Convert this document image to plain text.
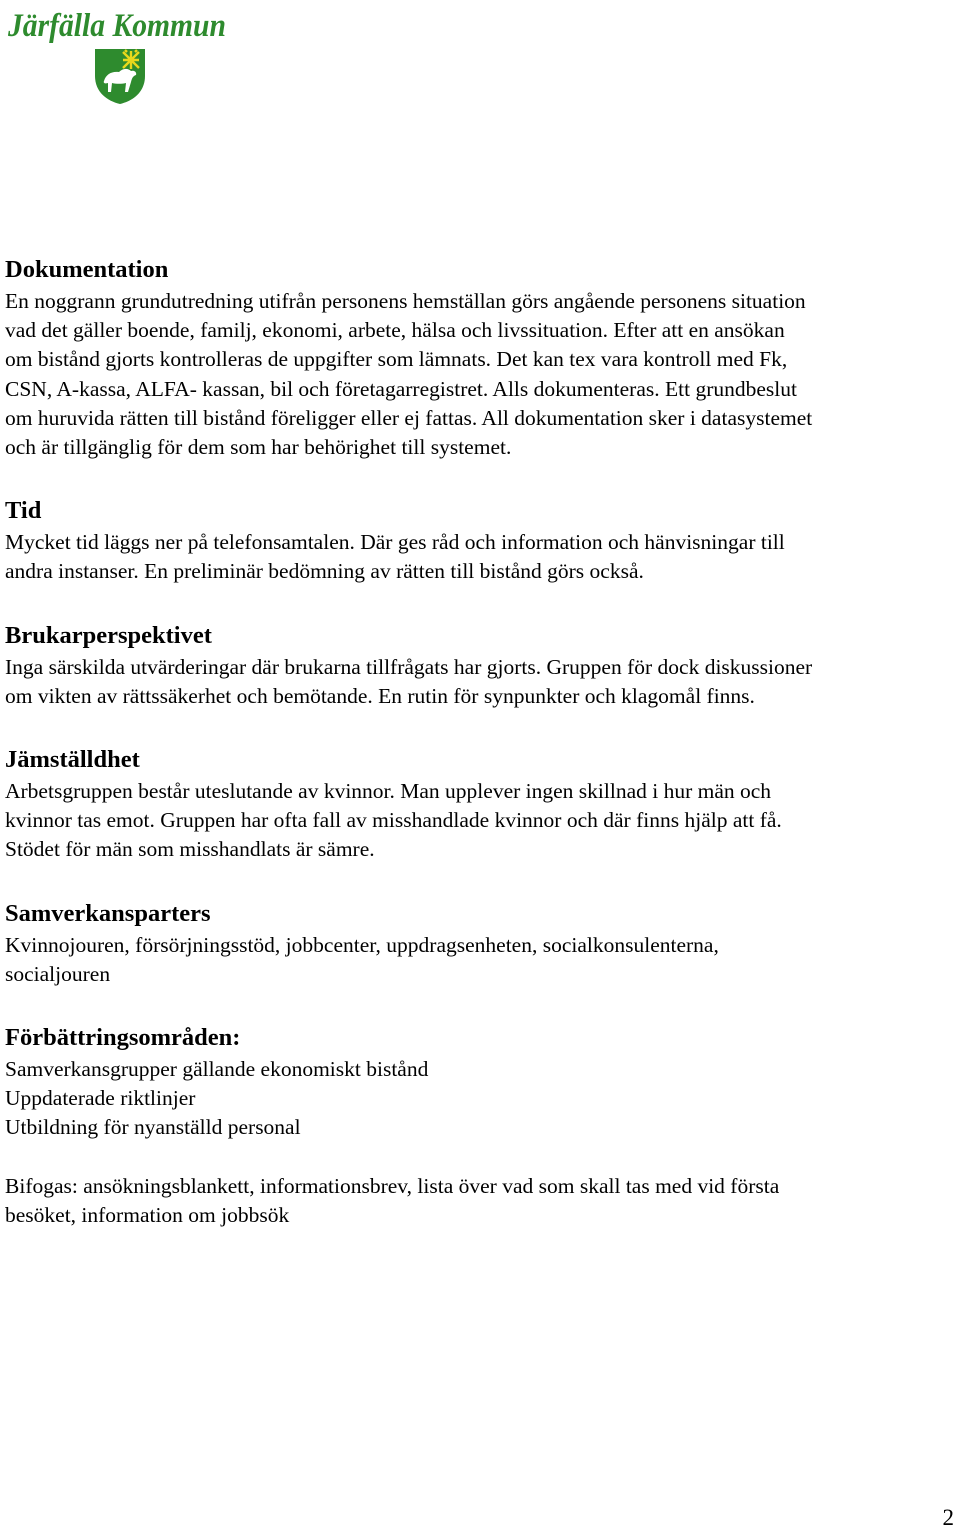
Järfälla Kommun
Dokumentation

En noggrann grundutredning utifrån personens hemställan görs angående personens situation
vad det gäller boende, familj, ekonomi, arbete, hälsa och livssituation. Efter att en ansökan
om bistånd gjorts kontrolleras de uppgifter som lämnats. Det kan tex vara kontroll med Fk,
CSN, A-kassa, ALFA- kassan, bil och företagarregistret. Alls dokumenteras. Ett grundbeslut
om huruvida rätten till bistånd föreligger eller ej fattas. All dokumentation sker i datasystemet
och är tillgänglig för dem som har behörighet till systemet.

Tid

Mycket tid läggs ner på telefonsamtalen. Där ges råd och information och hänvisningar till
andra instanser. En preliminär bedömning av rätten till bistånd görs också.

Brukarperspektivet

Inga särskilda utvärderingar där brukarna tillfrågats har gjorts. Gruppen för dock diskussioner
om vikten av rättssäkerhet och bemötande. En rutin för synpunkter och klagomål finns.

Jämställdhet

Arbetsgruppen består uteslutande av kvinnor. Man upplever ingen skillnad i hur män och
kvinnor tas emot. Gruppen har ofta fall av misshandlade kvinnor och där finns hjälp att få.
Stödet för män som misshandlats är sämre.

Samverkansparters

Kvinnojouren, försörjningsstöd, jobbcenter, uppdragsenheten, socialkonsulenterna,
socialjouren

Förbättringsområden:

Samverkansgrupper gällande ekonomiskt bistånd
Uppdaterade riktlinjer
Utbildning för nyanställd personal

Bifogas: ansökningsblankett, informationsbrev, lista över vad som skall tas med vid första
besöket, information om jobbsök

2
